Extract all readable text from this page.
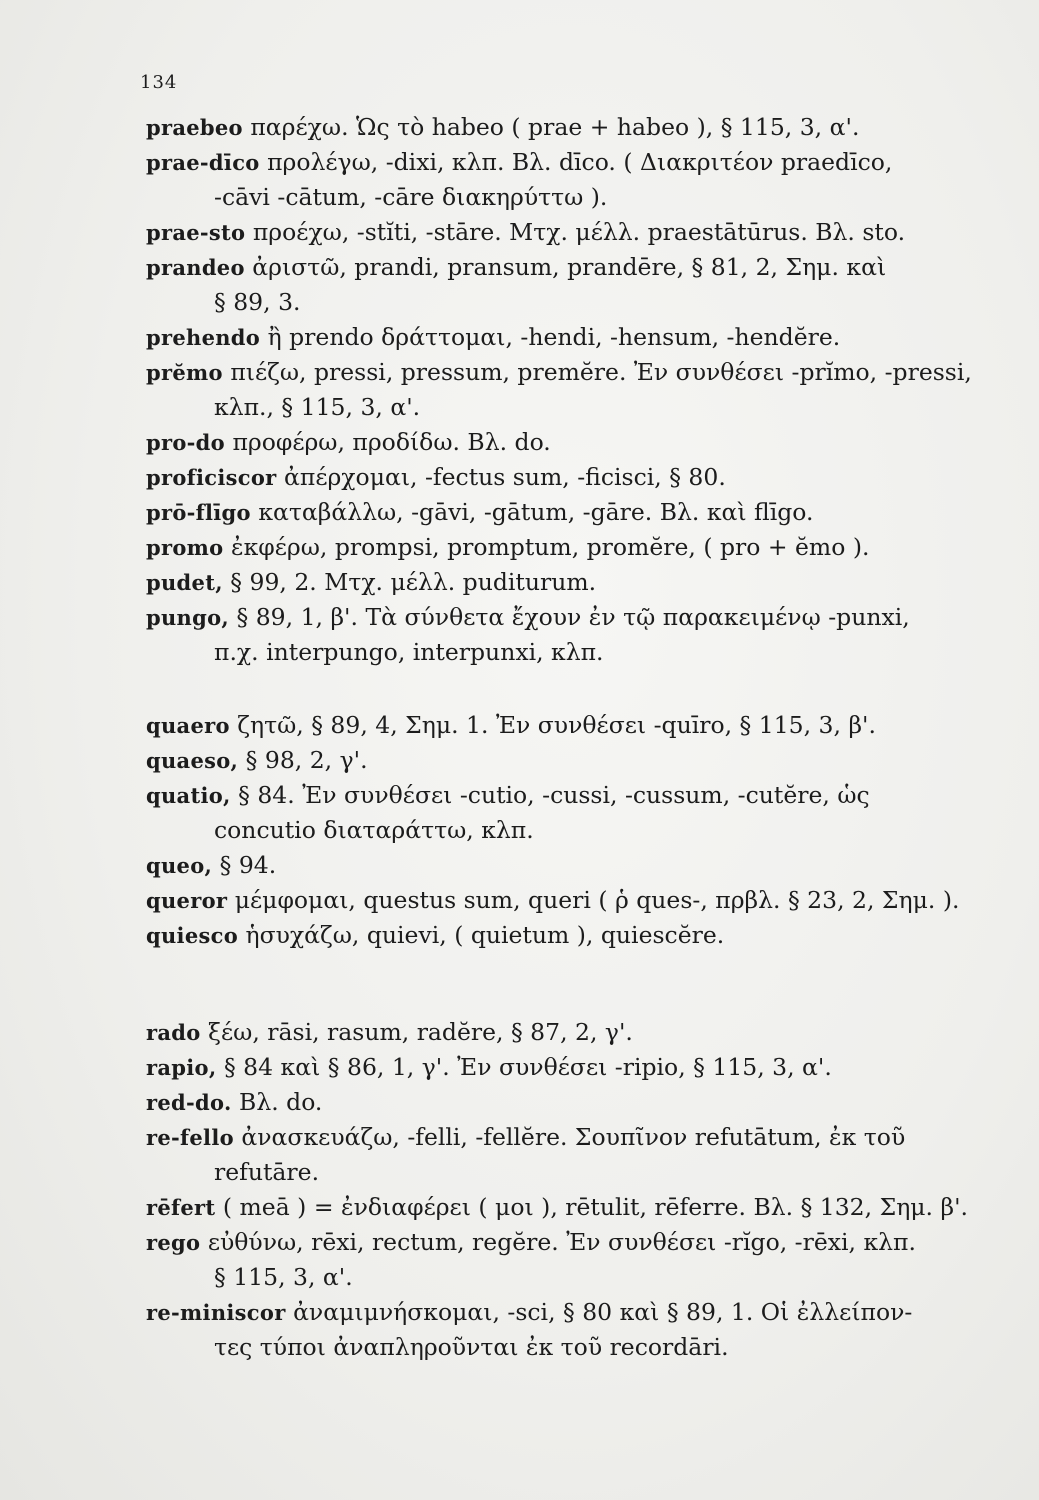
134
praebeo παρέχω. Ὡς τὸ habeo ( prae + habeo ), § 115, 3, α'.
prae-dīco προλέγω, -dixi, κλπ. Βλ. dīco. ( Διακριτέον praedīco,
-cāvi -cātum, -cāre διακηρύττω ).
prae-sto προέχω, -stĭti, -stāre. Μτχ. μέλλ. praestātūrus. Βλ. sto.
prandeo ἀριστῶ, prandi, pransum, prandēre, § 81, 2, Σημ. καὶ
§ 89, 3.
prehendo ἢ prendo δράττομαι, -hendi, -hensum, -hendĕre.
prĕmo πιέζω, pressi, pressum, premĕre. Ἐν συνθέσει -prĭmo, -pressi,
κλπ., § 115, 3, α'.
pro-do προφέρω, προδίδω. Βλ. do.
proficiscor ἀπέρχομαι, -fectus sum, -ficisci, § 80.
prō-flīgo καταβάλλω, -gāvi, -gātum, -gāre. Βλ. καὶ flīgo.
promo ἐκφέρω, prompsi, promptum, promĕre, ( pro + ĕmo ).
pudet, § 99, 2. Μτχ. μέλλ. puditurum.
pungo, § 89, 1, β'. Τὰ σύνθετα ἔχουν ἐν τῷ παρακειμένῳ -punxi,
π.χ. interpungo, interpunxi, κλπ.
quaero ζητῶ, § 89, 4, Σημ. 1. Ἐν συνθέσει -quīro, § 115, 3, β'.
quaeso, § 98, 2, γ'.
quatio, § 84. Ἐν συνθέσει -cutio, -cussi, -cussum, -cutĕre, ὡς
concutio διαταράττω, κλπ.
queo, § 94.
queror μέμφομαι, questus sum, queri ( ῥ ques-, πρβλ. § 23, 2, Σημ. ).
quiesco ἡσυχάζω, quievi, ( quietum ), quiescĕre.
rado ξέω, rāsi, rasum, radĕre, § 87, 2, γ'.
rapio, § 84 καὶ § 86, 1, γ'. Ἐν συνθέσει -ripio, § 115, 3, α'.
red-do. Βλ. do.
re-fello ἀνασκευάζω, -felli, -fellĕre. Σουπῖνον refutātum, ἐκ τοῦ
refutāre.
rēfert ( meā ) = ἐνδιαφέρει ( μοι ), rētulit, rēferre. Βλ. § 132, Σημ. β'.
rego εὐθύνω, rēxi, rectum, regĕre. Ἐν συνθέσει -rĭgo, -rēxi, κλπ.
§ 115, 3, α'.
re-miniscor ἀναμιμνήσκομαι, -sci, § 80 καὶ § 89, 1. Οἱ ἐλλείπον-
τες τύποι ἀναπληροῦνται ἐκ τοῦ recordāri.
